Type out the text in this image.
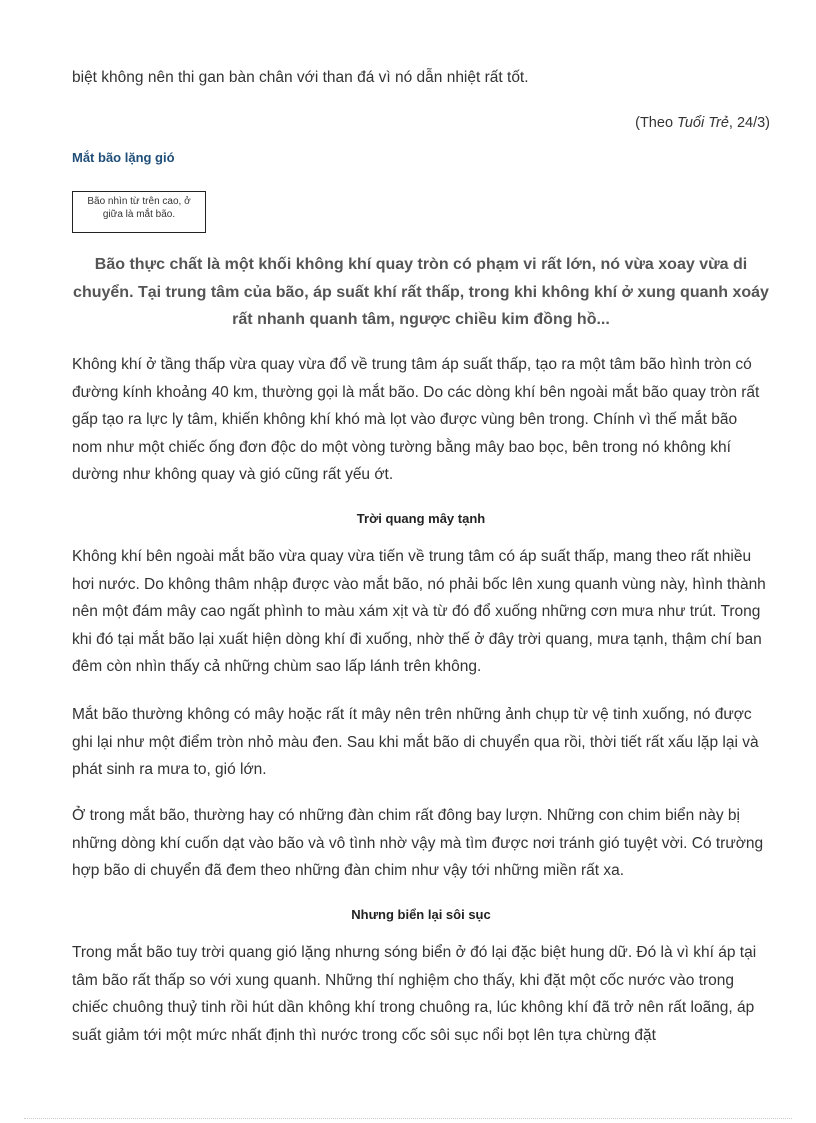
biệt không nên thi gan bàn chân với than đá vì nó dẫn nhiệt rất tốt.

(Theo Tuổi Trẻ, 24/3)
Mắt bão lặng gió
Bão nhìn từ trên cao, ở giữa là mắt bão.

Bão thực chất là một khối không khí quay tròn có phạm vi rất lớn, nó vừa xoay vừa di chuyển. Tại trung tâm của bão, áp suất khí rất thấp, trong khi không khí ở xung quanh xoáy rất nhanh quanh tâm, ngược chiều kim đồng hồ...

Không khí ở tầng thấp vừa quay vừa đổ về trung tâm áp suất thấp, tạo ra một tâm bão hình tròn có đường kính khoảng 40 km, thường gọi là mắt bão. Do các dòng khí bên ngoài mắt bão quay tròn rất gấp tạo ra lực ly tâm, khiến không khí khó mà lọt vào được vùng bên trong. Chính vì thế mắt bão nom như một chiếc ống đơn độc do một vòng tường bằng mây bao bọc, bên trong nó không khí dường như không quay và gió cũng rất yếu ớt.

Trời quang mây tạnh

Không khí bên ngoài mắt bão vừa quay vừa tiến về trung tâm có áp suất thấp, mang theo rất nhiều hơi nước. Do không thâm nhập được vào mắt bão, nó phải bốc lên xung quanh vùng này, hình thành nên một đám mây cao ngất phình to màu xám xịt và từ đó đổ xuống những cơn mưa như trút. Trong khi đó tại mắt bão lại xuất hiện dòng khí đi xuống, nhờ thế ở đây trời quang, mưa tạnh, thậm chí ban đêm còn nhìn thấy cả những chùm sao lấp lánh trên không.

Mắt bão thường không có mây hoặc rất ít mây nên trên những ảnh chụp từ vệ tinh xuống, nó được ghi lại như một điểm tròn nhỏ màu đen. Sau khi mắt bão di chuyển qua rồi, thời tiết rất xấu lặp lại và phát sinh ra mưa to, gió lớn.

Ở trong mắt bão, thường hay có những đàn chim rất đông bay lượn. Những con chim biển này bị những dòng khí cuốn dạt vào bão và vô tình nhờ vậy mà tìm được nơi tránh gió tuyệt vời. Có trường hợp bão di chuyển đã đem theo những đàn chim như vậy tới những miền rất xa.

Nhưng biển lại sôi sục

Trong mắt bão tuy trời quang gió lặng nhưng sóng biển ở đó lại đặc biệt hung dữ. Đó là vì khí áp tại tâm bão rất thấp so với xung quanh. Những thí nghiệm cho thấy, khi đặt một cốc nước vào trong chiếc chuông thuỷ tinh rồi hút dần không khí trong chuông ra, lúc không khí đã trở nên rất loãng, áp suất giảm tới một mức nhất định thì nước trong cốc sôi sục nổi bọt lên tựa chừng đặt
